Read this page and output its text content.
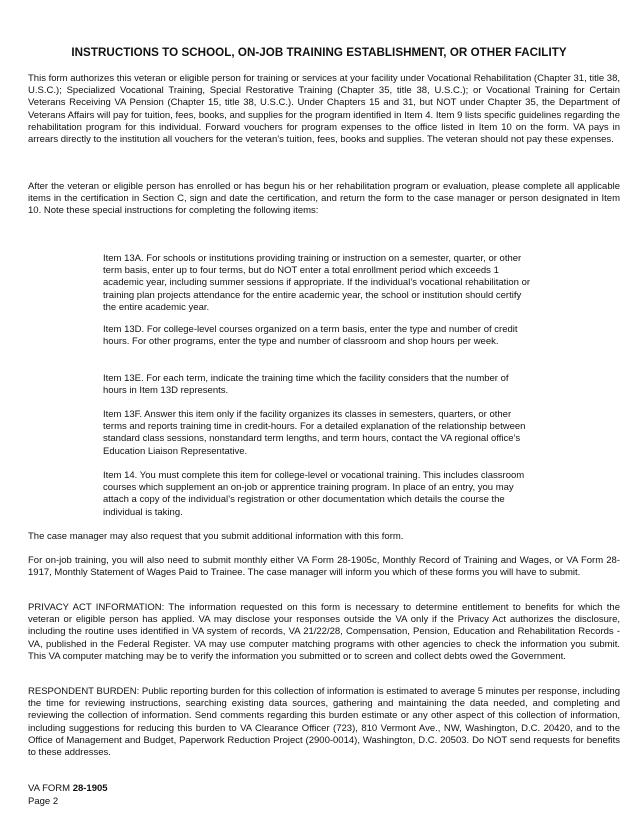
INSTRUCTIONS TO SCHOOL, ON-JOB TRAINING ESTABLISHMENT, OR OTHER FACILITY

This form authorizes this veteran or eligible person for training or services at your facility under Vocational Rehabilitation (Chapter 31, title 38, U.S.C.); Specialized Vocational Training, Special Restorative Training (Chapter 35, title 38, U.S.C.); or Vocational Training for Certain Veterans Receiving VA Pension (Chapter 15, title 38, U.S.C.). Under Chapters 15 and 31, but NOT under Chapter 35, the Department of Veterans Affairs will pay for tuition, fees, books, and supplies for the program identified in Item 4. Item 9 lists specific guidelines regarding the rehabilitation program for this individual. Forward vouchers for program expenses to the office listed in Item 10 on the form. VA pays in arrears directly to the institution all vouchers for the veteran’s tuition, fees, books and supplies. The veteran should not pay these expenses.

After the veteran or eligible person has enrolled or has begun his or her rehabilitation program or evaluation, please complete all applicable items in the certification in Section C, sign and date the certification, and return the form to the case manager or person designated in Item 10. Note these special instructions for completing the following items:

Item 13A. For schools or institutions providing training or instruction on a semester, quarter, or other term basis, enter up to four terms, but do NOT enter a total enrollment period which exceeds 1 academic year, including summer sessions if appropriate. If the individual’s vocational rehabilitation or training plan projects attendance for the entire academic year, the school or institution should certify the entire academic year.

Item 13D. For college-level courses organized on a term basis, enter the type and number of credit hours. For other programs, enter the type and number of classroom and shop hours per week.

Item 13E. For each term, indicate the training time which the facility considers that the number of hours in Item 13D represents.

Item 13F. Answer this item only if the facility organizes its classes in semesters, quarters, or other terms and reports training time in credit-hours. For a detailed explanation of the relationship between standard class sessions, nonstandard term lengths, and term hours, contact the VA regional office’s Education Liaison Representative.

Item 14. You must complete this item for college-level or vocational training. This includes classroom courses which supplement an on-job or apprentice training program. In place of an entry, you may attach a copy of the individual’s registration or other documentation which details the course the individual is taking.

The case manager may also request that you submit additional information with this form.

For on-job training, you will also need to submit monthly either VA Form 28-1905c, Monthly Record of Training and Wages, or VA Form 28-1917, Monthly Statement of Wages Paid to Trainee. The case manager will inform you which of these forms you will have to submit.

PRIVACY ACT INFORMATION: The information requested on this form is necessary to determine entitlement to benefits for which the veteran or eligible person has applied. VA may disclose your responses outside the VA only if the Privacy Act authorizes the disclosure, including the routine uses identified in VA system of records, VA 21/22/28, Compensation, Pension, Education and Rehabilitation Records - VA, published in the Federal Register. VA may use computer matching programs with other agencies to check the information you submit. This VA computer matching may be to verify the information you submitted or to screen and collect debts owed the Government.

RESPONDENT BURDEN: Public reporting burden for this collection of information is estimated to average 5 minutes per response, including the time for reviewing instructions, searching existing data sources, gathering and maintaining the data needed, and completing and reviewing the collection of information. Send comments regarding this burden estimate or any other aspect of this collection of information, including suggestions for reducing this burden to VA Clearance Officer (723), 810 Vermont Ave., NW, Washington, D.C. 20420, and to the Office of Management and Budget, Paperwork Reduction Project (2900-0014), Washington, D.C. 20503. Do NOT send requests for benefits to these addresses.

VA FORM 28-1905
Page 2
